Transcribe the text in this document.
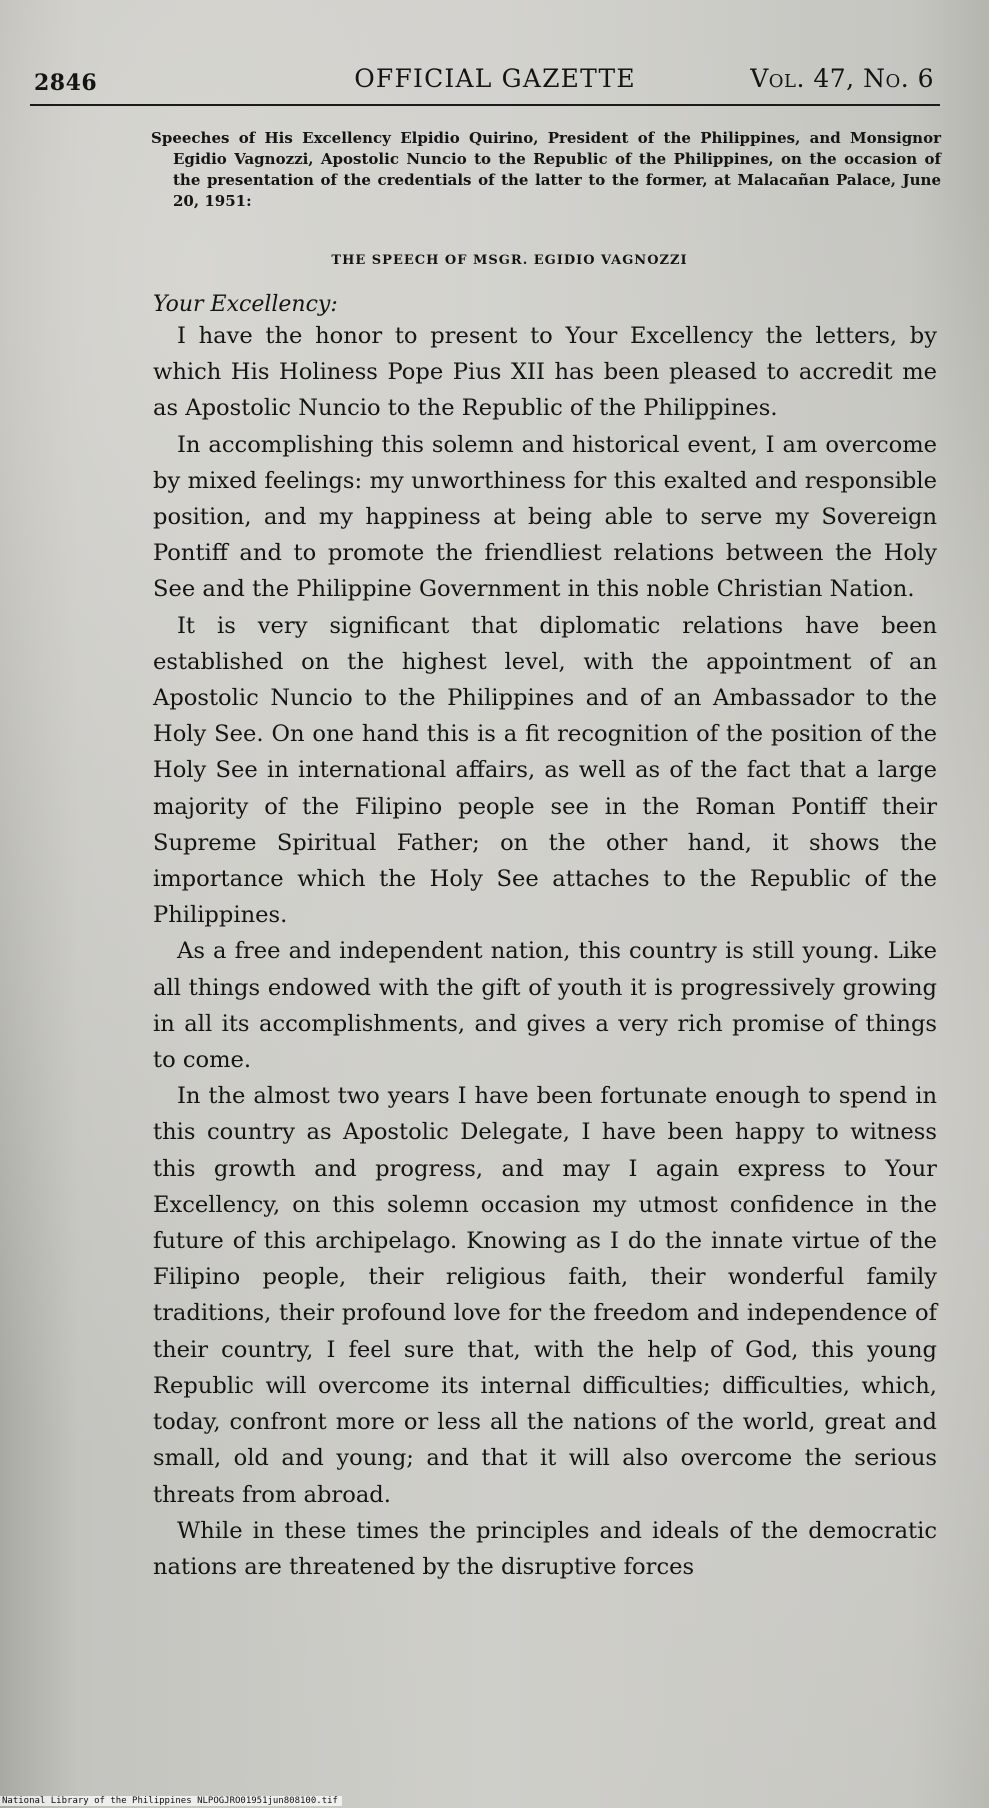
2846	OFFICIAL GAZETTE	Vol. 47, No. 6
Speeches of His Excellency Elpidio Quirino, President of the Philippines, and Monsignor Egidio Vagnozzi, Apostolic Nuncio to the Republic of the Philippines, on the occasion of the presentation of the credentials of the latter to the former, at Malacañan Palace, June 20, 1951:
THE SPEECH OF MSGR. EGIDIO VAGNOZZI
Your Excellency:

I have the honor to present to Your Excellency the letters, by which His Holiness Pope Pius XII has been pleased to accredit me as Apostolic Nuncio to the Republic of the Philippines.

In accomplishing this solemn and historical event, I am overcome by mixed feelings: my unworthiness for this exalted and responsible position, and my happiness at being able to serve my Sovereign Pontiff and to promote the friendliest relations between the Holy See and the Philippine Government in this noble Christian Nation.

It is very significant that diplomatic relations have been established on the highest level, with the appointment of an Apostolic Nuncio to the Philippines and of an Ambassador to the Holy See. On one hand this is a fit recognition of the position of the Holy See in international affairs, as well as of the fact that a large majority of the Filipino people see in the Roman Pontiff their Supreme Spiritual Father; on the other hand, it shows the importance which the Holy See attaches to the Republic of the Philippines.

As a free and independent nation, this country is still young. Like all things endowed with the gift of youth it is progressively growing in all its accomplishments, and gives a very rich promise of things to come.

In the almost two years I have been fortunate enough to spend in this country as Apostolic Delegate, I have been happy to witness this growth and progress, and may I again express to Your Excellency, on this solemn occasion my utmost confidence in the future of this archipelago. Knowing as I do the innate virtue of the Filipino people, their religious faith, their wonderful family traditions, their profound love for the freedom and independence of their country, I feel sure that, with the help of God, this young Republic will overcome its internal difficulties; difficulties, which, today, confront more or less all the nations of the world, great and small, old and young; and that it will also overcome the serious threats from abroad.

While in these times the principles and ideals of the democratic nations are threatened by the disruptive forces

National Library of the Philippines NLPOGJRO01951jun808100.tif
